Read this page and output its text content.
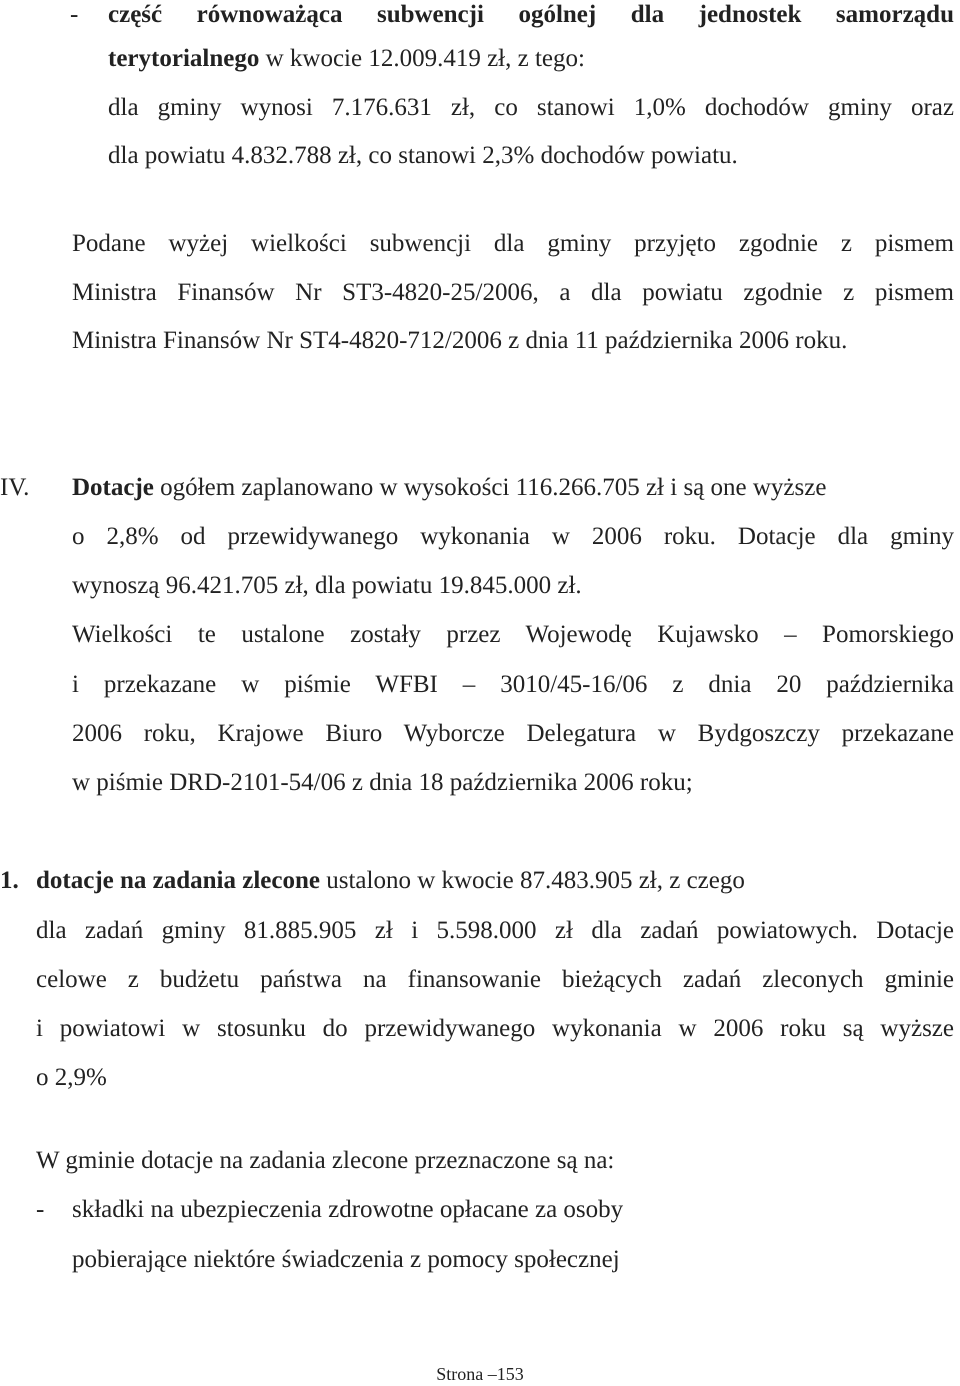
- część równoważąca subwencji ogólnej dla jednostek samorządu
terytorialnego w kwocie 12.009.419 zł, z tego:
dla gminy wynosi 7.176.631 zł, co stanowi 1,0% dochodów gminy oraz
dla powiatu 4.832.788 zł, co stanowi 2,3% dochodów powiatu.
Podane wyżej wielkości subwencji dla gminy przyjęto zgodnie z pismem
Ministra Finansów Nr ST3-4820-25/2006, a dla powiatu zgodnie z pismem
Ministra Finansów Nr ST4-4820-712/2006 z dnia 11 października 2006 roku.
IV. Dotacje ogółem zaplanowano w wysokości 116.266.705 zł i są one wyższe
o 2,8% od przewidywanego wykonania w 2006 roku. Dotacje dla gminy
wynoszą 96.421.705 zł, dla powiatu 19.845.000 zł.
Wielkości te ustalone zostały przez Wojewodę Kujawsko – Pomorskiego
i przekazane w piśmie WFBI – 3010/45-16/06 z dnia 20 października
2006 roku, Krajowe Biuro Wyborcze Delegatura w Bydgoszczy przekazane
w piśmie DRD-2101-54/06 z dnia 18 października 2006 roku;
1. dotacje na zadania zlecone ustalono w kwocie 87.483.905 zł, z czego
dla zadań gminy 81.885.905 zł i 5.598.000 zł dla zadań powiatowych. Dotacje
celowe z budżetu państwa na finansowanie bieżących zadań zleconych gminie
i powiatowi w stosunku do przewidywanego wykonania w 2006 roku są wyższe
o 2,9%
W gminie dotacje na zadania zlecone przeznaczone są na:
- składki na ubezpieczenia zdrowotne opłacane za osoby
pobierające niektóre świadczenia z pomocy społecznej
Strona –153
